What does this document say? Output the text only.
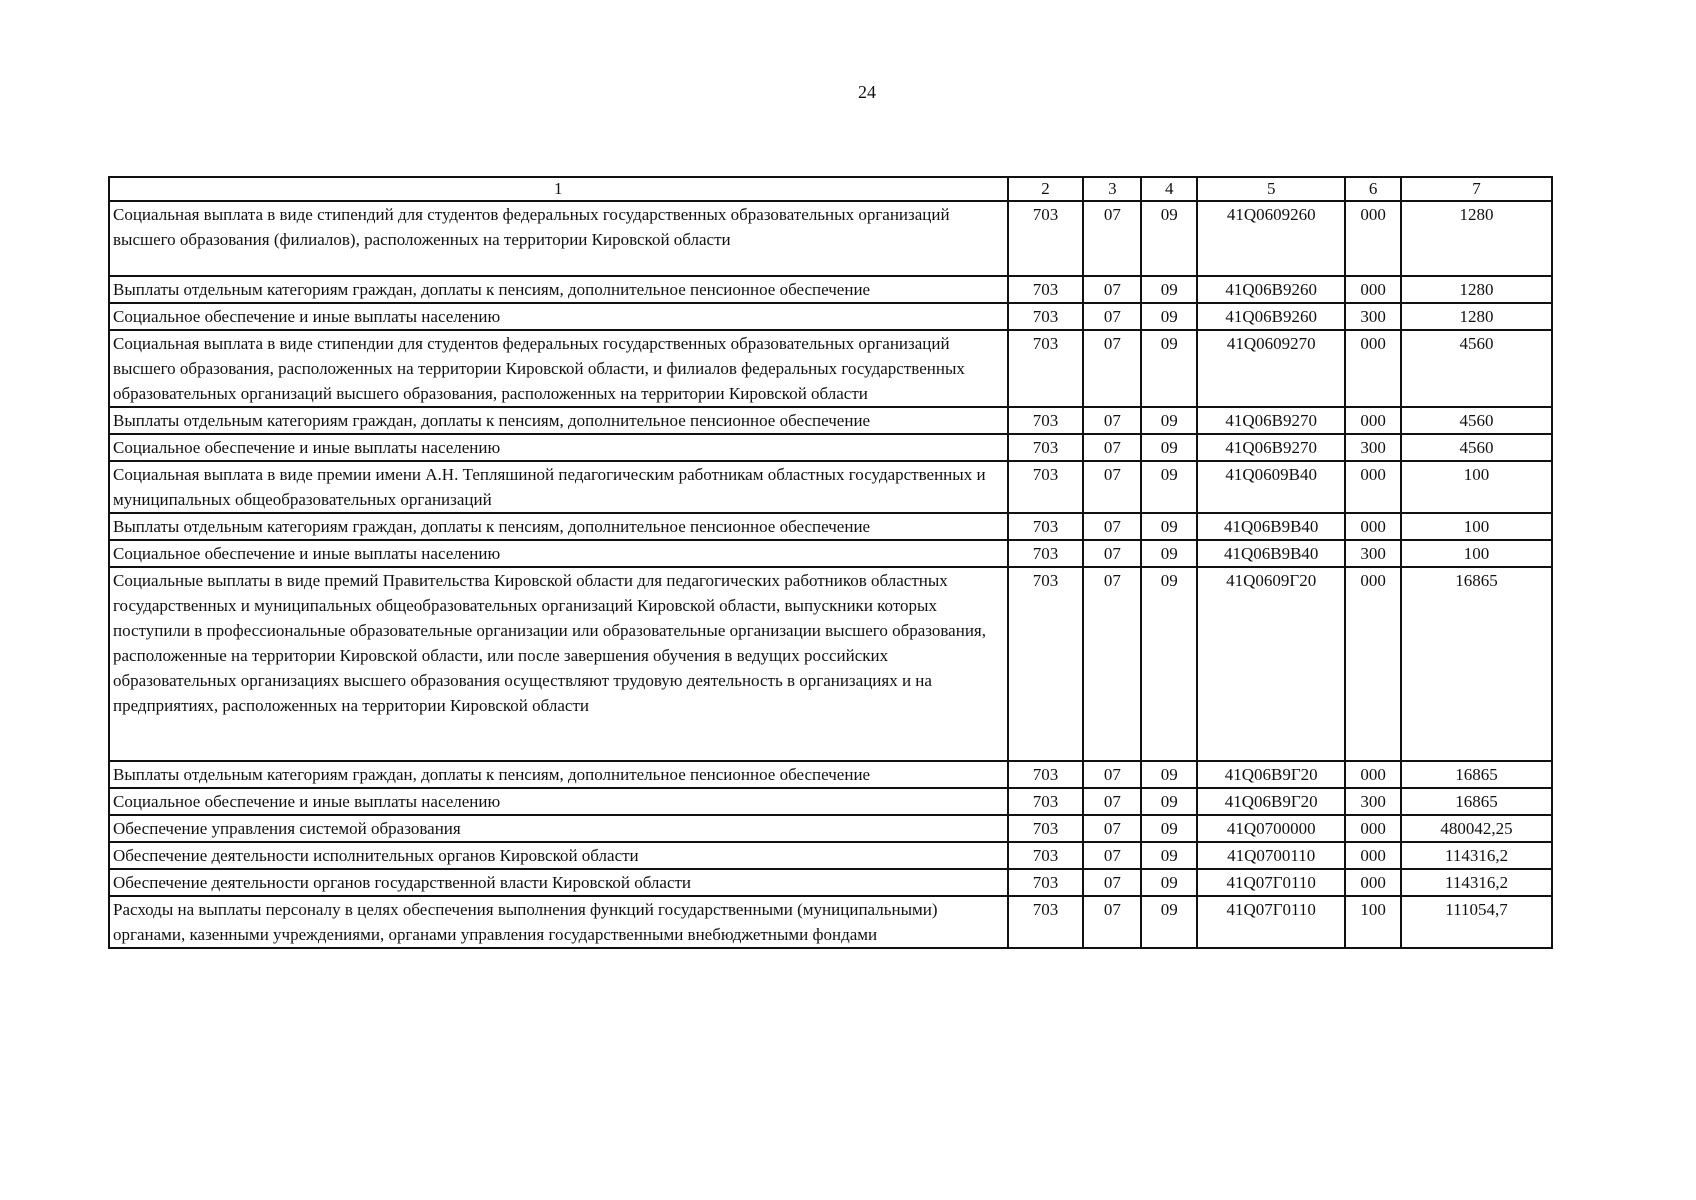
24
1	2	3	4	5	6	7
Социальная выплата в виде стипендий для студентов федеральных государственных образовательных организаций высшего образования (филиалов), расположенных на территории Кировской области	703	07	09	41Q0609260	000	1280
Выплаты отдельным категориям граждан, доплаты к пенсиям, дополнительное пенсионное обеспечение	703	07	09	41Q06B9260	000	1280
Социальное обеспечение и иные выплаты населению	703	07	09	41Q06B9260	300	1280
Социальная выплата в виде стипендии для студентов федеральных государственных образовательных организаций высшего образования, расположенных на территории Кировской области, и филиалов федеральных государственных образовательных организаций высшего образования, расположенных на территории Кировской области	703	07	09	41Q0609270	000	4560
Выплаты отдельным категориям граждан, доплаты к пенсиям, дополнительное пенсионное обеспечение	703	07	09	41Q06B9270	000	4560
Социальное обеспечение и иные выплаты населению	703	07	09	41Q06B9270	300	4560
Социальная выплата в виде премии имени А.Н. Тепляшиной педагогическим работникам областных государственных и муниципальных общеобразовательных организаций	703	07	09	41Q0609B40	000	100
Выплаты отдельным категориям граждан, доплаты к пенсиям, дополнительное пенсионное обеспечение	703	07	09	41Q06B9B40	000	100
Социальное обеспечение и иные выплаты населению	703	07	09	41Q06B9B40	300	100
Социальные выплаты в виде премий Правительства Кировской области для педагогических работников областных государственных и муниципальных общеобразовательных организаций Кировской области, выпускники которых поступили в профессиональные образовательные организации или образовательные организации высшего образования, расположенные на территории Кировской области, или после завершения обучения в ведущих российских образовательных организациях высшего образования осуществляют трудовую деятельность в организациях и на предприятиях, расположенных на территории Кировской области	703	07	09	41Q0609Г20	000	16865
Выплаты отдельным категориям граждан, доплаты к пенсиям, дополнительное пенсионное обеспечение	703	07	09	41Q06B9Г20	000	16865
Социальное обеспечение и иные выплаты населению	703	07	09	41Q06B9Г20	300	16865
Обеспечение управления системой образования	703	07	09	41Q0700000	000	480042,25
Обеспечение деятельности исполнительных органов Кировской области	703	07	09	41Q0700110	000	114316,2
Обеспечение деятельности органов государственной власти Кировской области	703	07	09	41Q07Г0110	000	114316,2
Расходы на выплаты персоналу в целях обеспечения выполнения функций государственными (муниципальными) органами, казенными учреждениями, органами управления государственными внебюджетными фондами	703	07	09	41Q07Г0110	100	111054,7
